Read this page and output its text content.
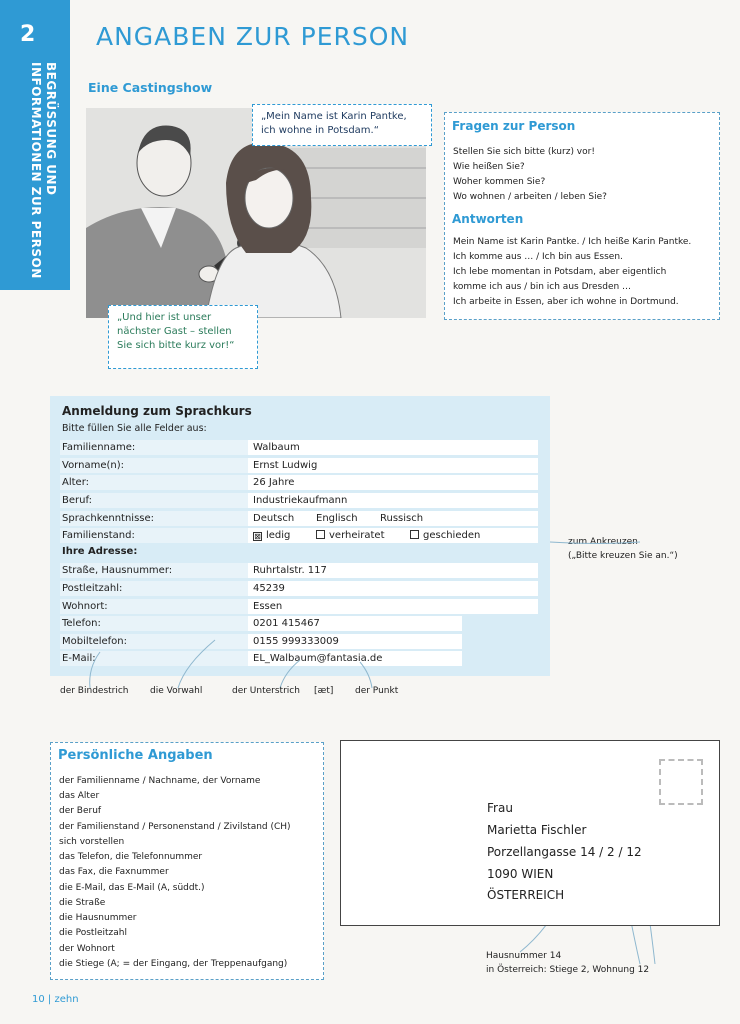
2
BEGRÜSSUNG UND
INFORMATIONEN ZUR PERSON
ANGABEN ZUR PERSON
Eine Castingshow
„Mein Name ist Karin Pantke,
ich wohne in Potsdam.“
„Und hier ist unser
nächster Gast – stellen
Sie sich bitte kurz vor!“
Fragen zur Person
Stellen Sie sich bitte (kurz) vor!
Wie heißen Sie?
Woher kommen Sie?
Wo wohnen / arbeiten / leben Sie?
Antworten
Mein Name ist Karin Pantke. / Ich heiße Karin Pantke.
Ich komme aus … / Ich bin aus Essen.
Ich lebe momentan in Potsdam, aber eigentlich
komme ich aus / bin ich aus Dresden …
Ich arbeite in Essen, aber ich wohne in Dortmund.
Anmeldung zum Sprachkurs
Bitte füllen Sie alle Felder aus:
Familienname:	Walbaum
Vorname(n):	Ernst Ludwig
Alter:	26 Jahre
Beruf:	Industriekaufmann
Sprachkenntnisse:	Deutsch Englisch Russisch
Familienstand:	⊠ ledig	verheiratet	geschieden
Ihre Adresse:
Straße, Hausnummer:	Ruhrtalstr. 117
Postleitzahl:	45239
Wohnort:	Essen
Telefon:	0201 415467
Mobiltelefon:	0155 999333009
E-Mail:	EL_Walbaum@fantasia.de
zum Ankreuzen
(„Bitte kreuzen Sie an.“)
der Bindestrich die Vorwahl	der Unterstrich [æt] der Punkt
Persönliche Angaben
der Familienname / Nachname, der Vorname
das Alter
der Beruf
der Familienstand / Personenstand / Zivilstand (CH)
sich vorstellen
das Telefon, die Telefonnummer
das Fax, die Faxnummer
die E-Mail, das E-Mail (A, süddt.)
die Straße
die Hausnummer
die Postleitzahl
der Wohnort
die Stiege (A; = der Eingang, der Treppenaufgang)
Frau
Marietta Fischler
Porzellangasse 14 / 2 / 12
1090 WIEN
ÖSTERREICH
Hausnummer 14
in Österreich: Stiege 2, Wohnung 12
10 | zehn
